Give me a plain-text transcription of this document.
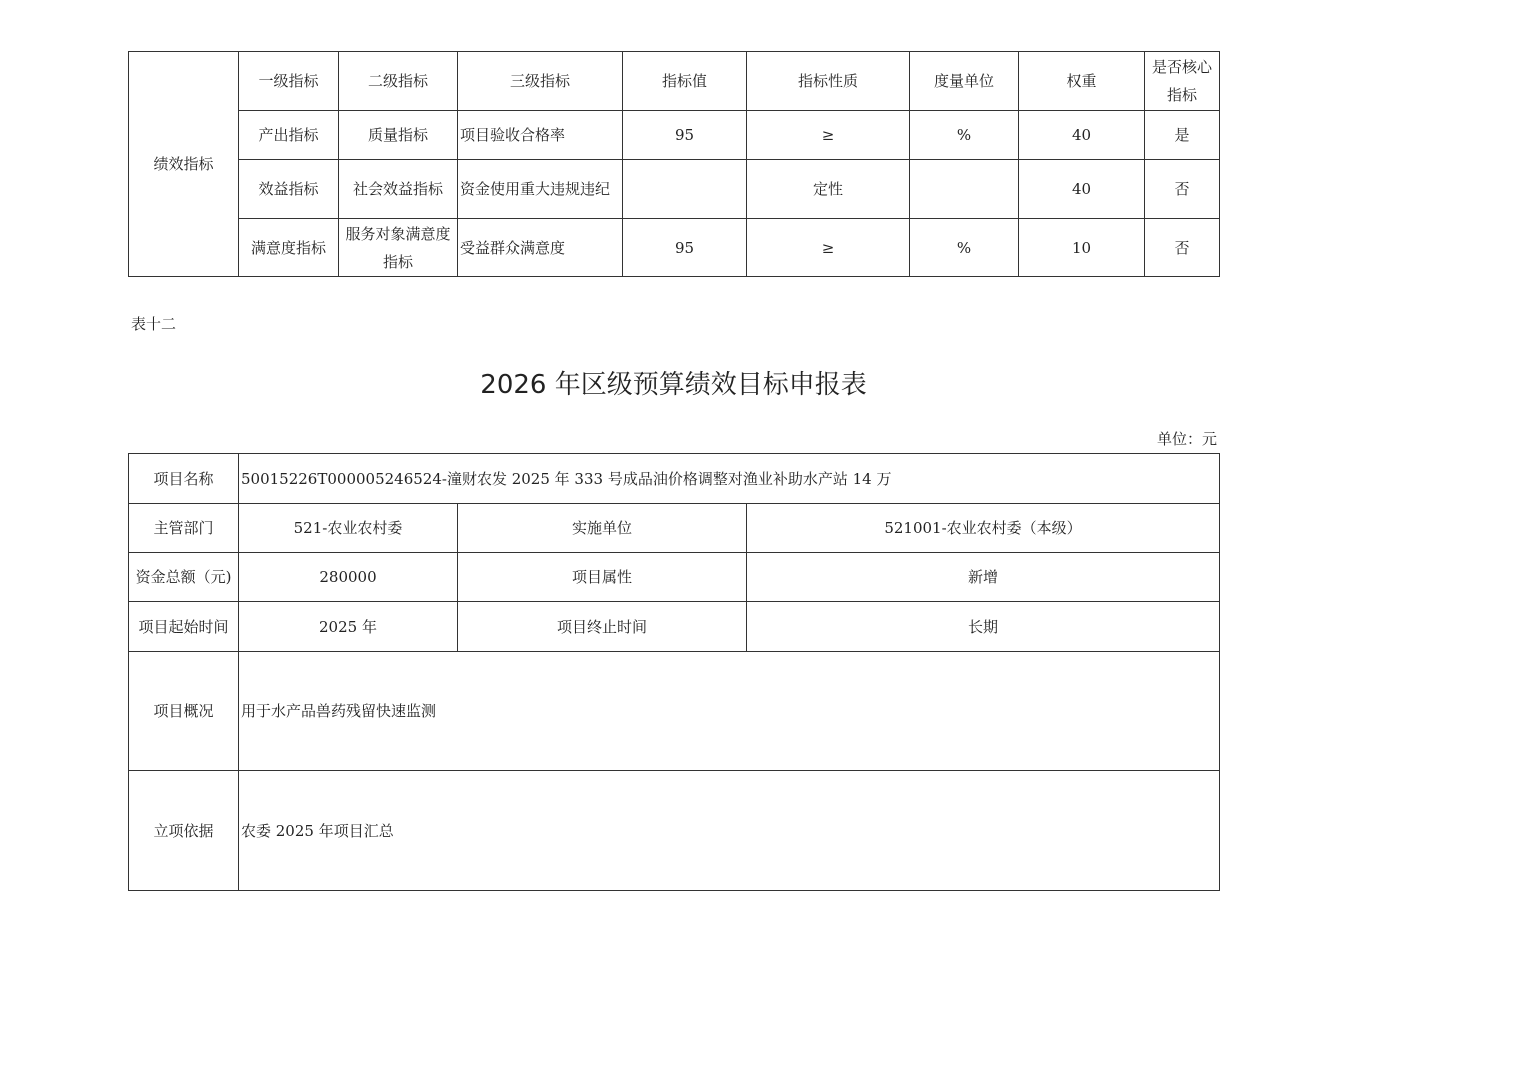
绩效指标	一级指标	二级指标	三级指标	指标值	指标性质	度量单位	权重	是否核心指标
	产出指标	质量指标	项目验收合格率	95	≥	%	40	是
	效益指标	社会效益指标	资金使用重大违规违纪		定性		40	否
	满意度指标	服务对象满意度指标	受益群众满意度	95	≥	%	10	否
表十二
2026 年区级预算绩效目标申报表
单位：元
项目名称	50015226T000005246524-潼财农发 2025 年 333 号成品油价格调整对渔业补助水产站 14 万		
主管部门	521-农业农村委	实施单位	521001-农业农村委（本级）
资金总额（元)	280000	项目属性	新增
项目起始时间	2025 年	项目终止时间	长期
项目概况	用于水产品兽药残留快速监测		
立项依据	农委 2025 年项目汇总		
